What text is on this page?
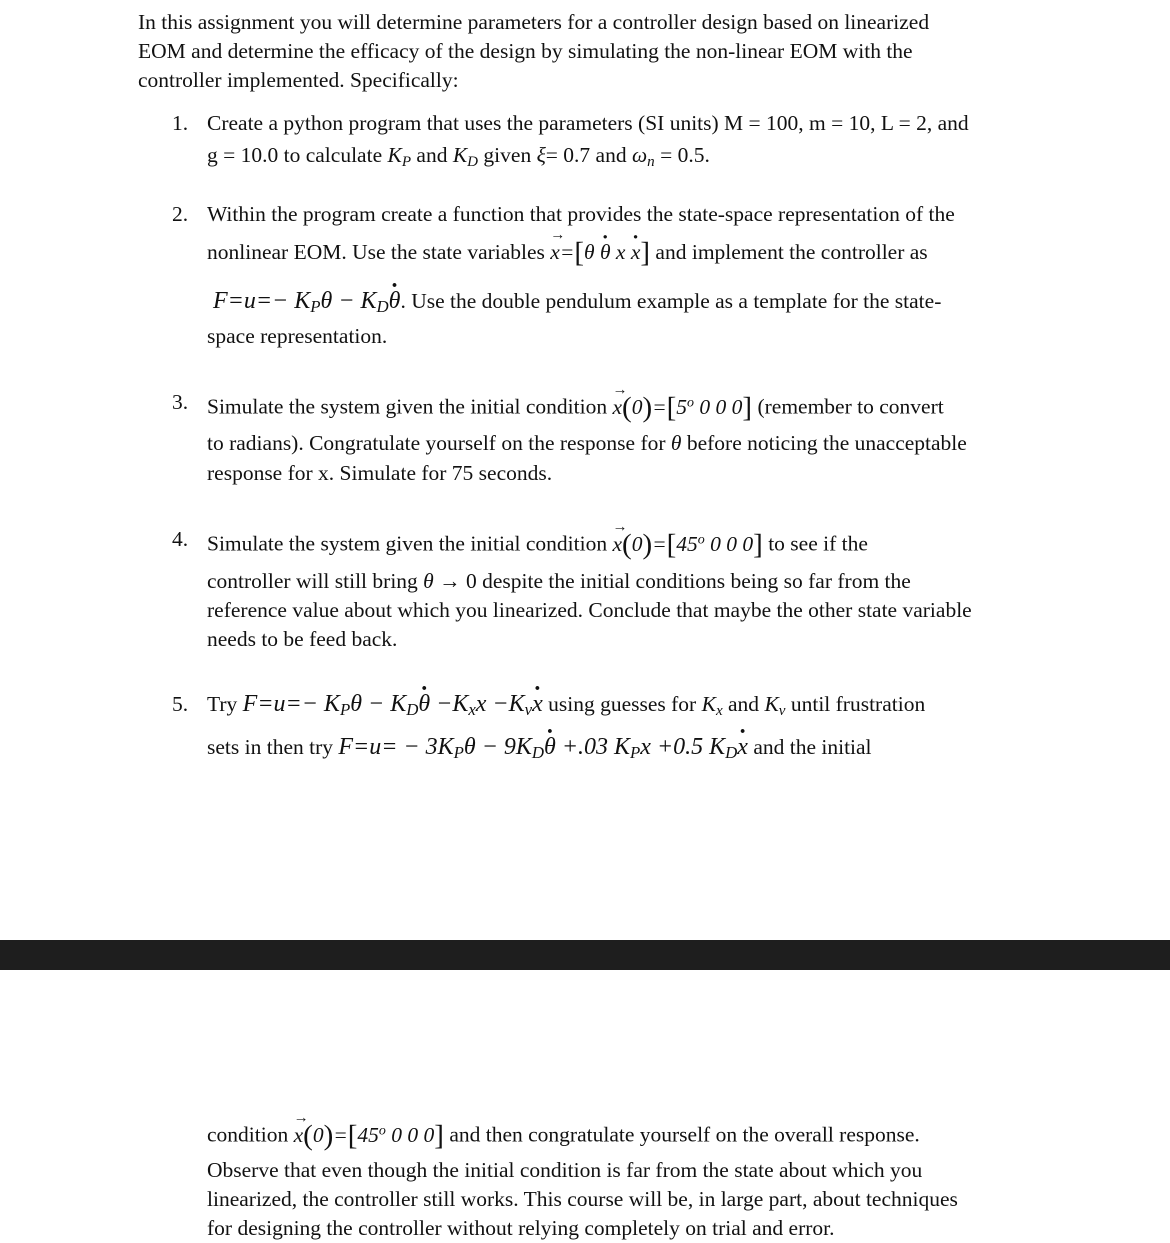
In this assignment you will determine parameters for a controller design based on linearized
EOM and determine the efficacy of the design by simulating the non-linear EOM with the
controller implemented. Specifically:
1. Create a python program that uses the parameters (SI units) M = 100, m = 10, L = 2, and
g = 10.0 to calculate $K_P$ and $K_D$ given ξ= 0.7 and $\omega_n = 0.5$.
2. Within the program create a function that provides the state-space representation of the
nonlinear EOM. Use the state variables → x=[θ · θ x · x] and implement the controller as
$F=u=- K_P\theta - K_D\cdot \theta$. Use the double pendulum example as a template for the state-
space representation.
3. Simulate the system given the initial condition → $x(0)=[5^o$ 0 0 0] (remember to convert
to radians). Congratulate yourself on the response for θ before noticing the unacceptable
response for x. Simulate for 75 seconds.
4. Simulate the system given the initial condition → $x(0)=[45^o$ 0 0 0] to see if the
controller will still bring θ → 0 despite the initial conditions being so far from the
reference value about which you linearized. Conclude that maybe the other state variable
needs to be feed back.
5. Try $F=u=- K_P\theta - K_D\cdot \theta -K_xx -K_v\cdot x$ using guesses for $K_x$ and $K_v$ until frustration
sets in then try $F=u= - 3K_P\theta - 9K_D\cdot \theta +.03$ $K_Px +0.5$ $K_D\cdot x$ and the initial
condition → $x(0)=[45^o$ 0 0 0] and then congratulate yourself on the overall response.
Observe that even though the initial condition is far from the state about which you
linearized, the controller still works. This course will be, in large part, about techniques
for designing the controller without relying completely on trial and error.
